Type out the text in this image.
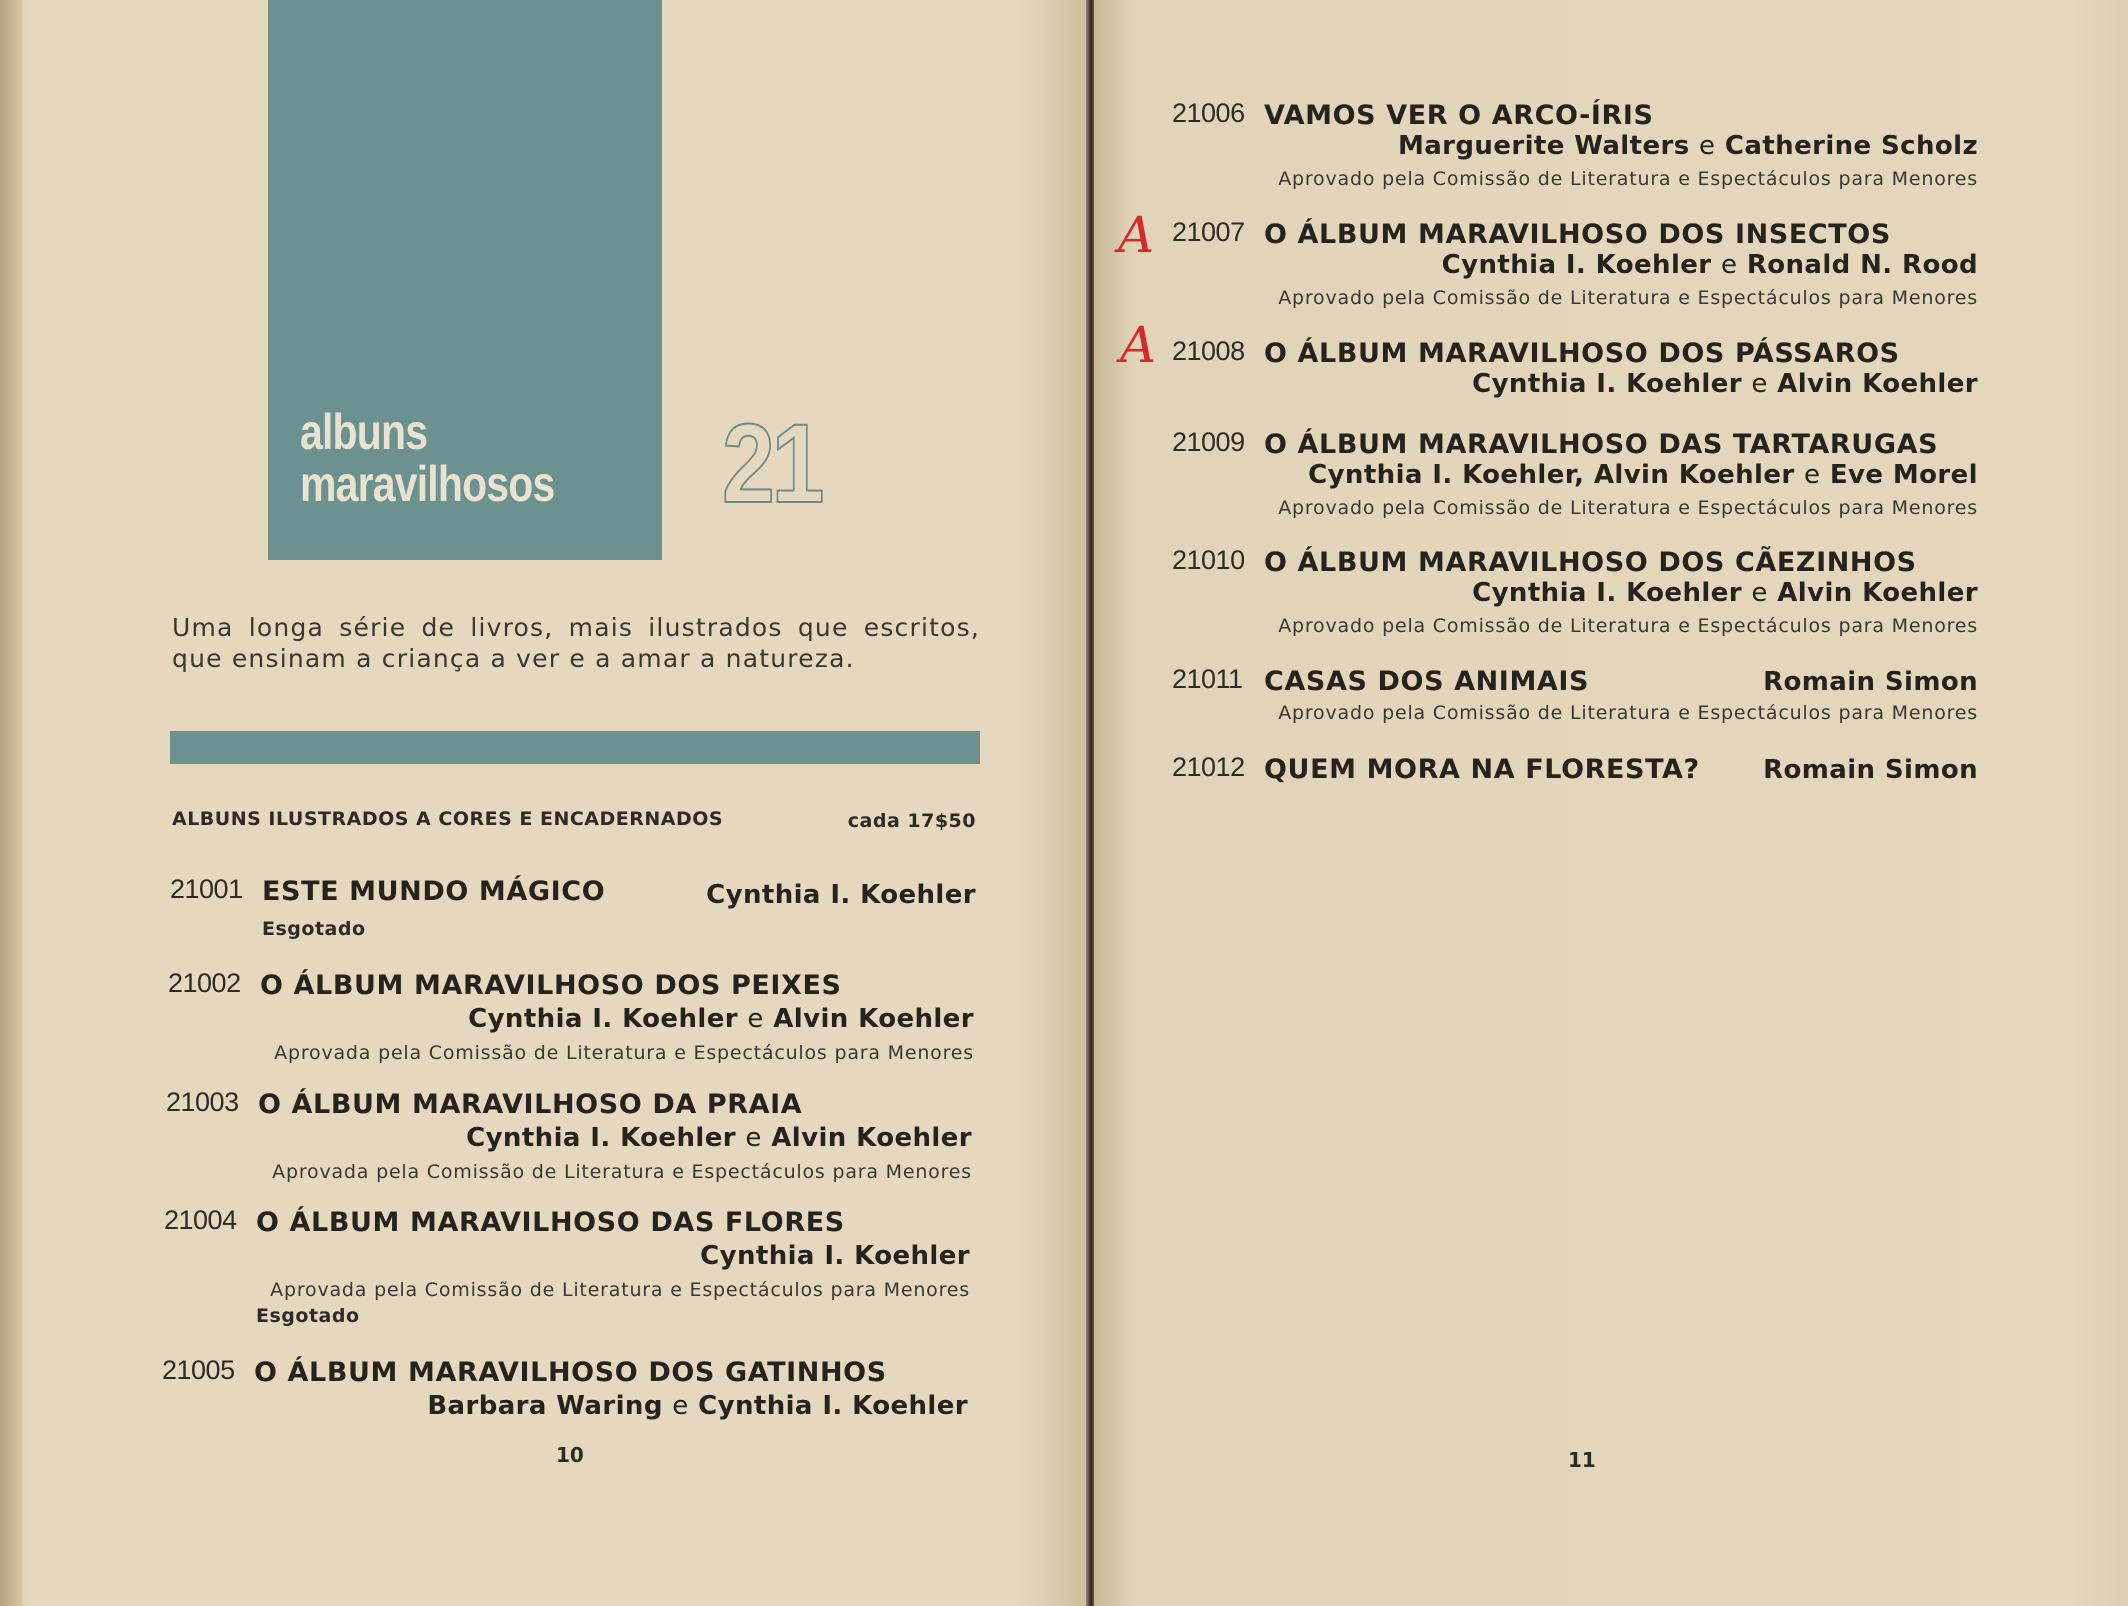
albuns
maravilhosos 21
Uma longa série de livros, mais ilustrados que escritos, que ensinam a criança a ver e a amar a natureza.
ALBUNS ILUSTRADOS A CORES E ENCADERNADOS	cada 17$50
21001 ESTE MUNDO MÁGICO	Cynthia I. Koehler
Esgotado
21002 O ÁLBUM MARAVILHOSO DOS PEIXES
Cynthia I. Koehler e Alvin Koehler
Aprovada pela Comissão de Literatura e Espectáculos para Menores
21003 O ÁLBUM MARAVILHOSO DA PRAIA
Cynthia I. Koehler e Alvin Koehler
Aprovada pela Comissão de Literatura e Espectáculos para Menores
21004 O ÁLBUM MARAVILHOSO DAS FLORES
Cynthia I. Koehler
Aprovada pela Comissão de Literatura e Espectáculos para Menores
Esgotado
21005 O ÁLBUM MARAVILHOSO DOS GATINHOS
Barbara Waring e Cynthia I. Koehler
10
21006 VAMOS VER O ARCO-ÍRIS
Marguerite Walters e Catherine Scholz
Aprovado pela Comissão de Literatura e Espectáculos para Menores
21007 O ÁLBUM MARAVILHOSO DOS INSECTOS
Cynthia I. Koehler e Ronald N. Rood
Aprovado pela Comissão de Literatura e Espectáculos para Menores
A
21008 O ÁLBUM MARAVILHOSO DOS PÁSSAROS
Cynthia I. Koehler e Alvin Koehler
A
21009 O ÁLBUM MARAVILHOSO DAS TARTARUGAS
Cynthia I. Koehler, Alvin Koehler e Eve Morel
Aprovado pela Comissão de Literatura e Espectáculos para Menores
21010 O ÁLBUM MARAVILHOSO DOS CÃEZINHOS
Cynthia I. Koehler e Alvin Koehler
Aprovado pela Comissão de Literatura e Espectáculos para Menores
21011 CASAS DOS ANIMAIS	Romain Simon
Aprovado pela Comissão de Literatura e Espectáculos para Menores
21012 QUEM MORA NA FLORESTA? Romain Simon
11
